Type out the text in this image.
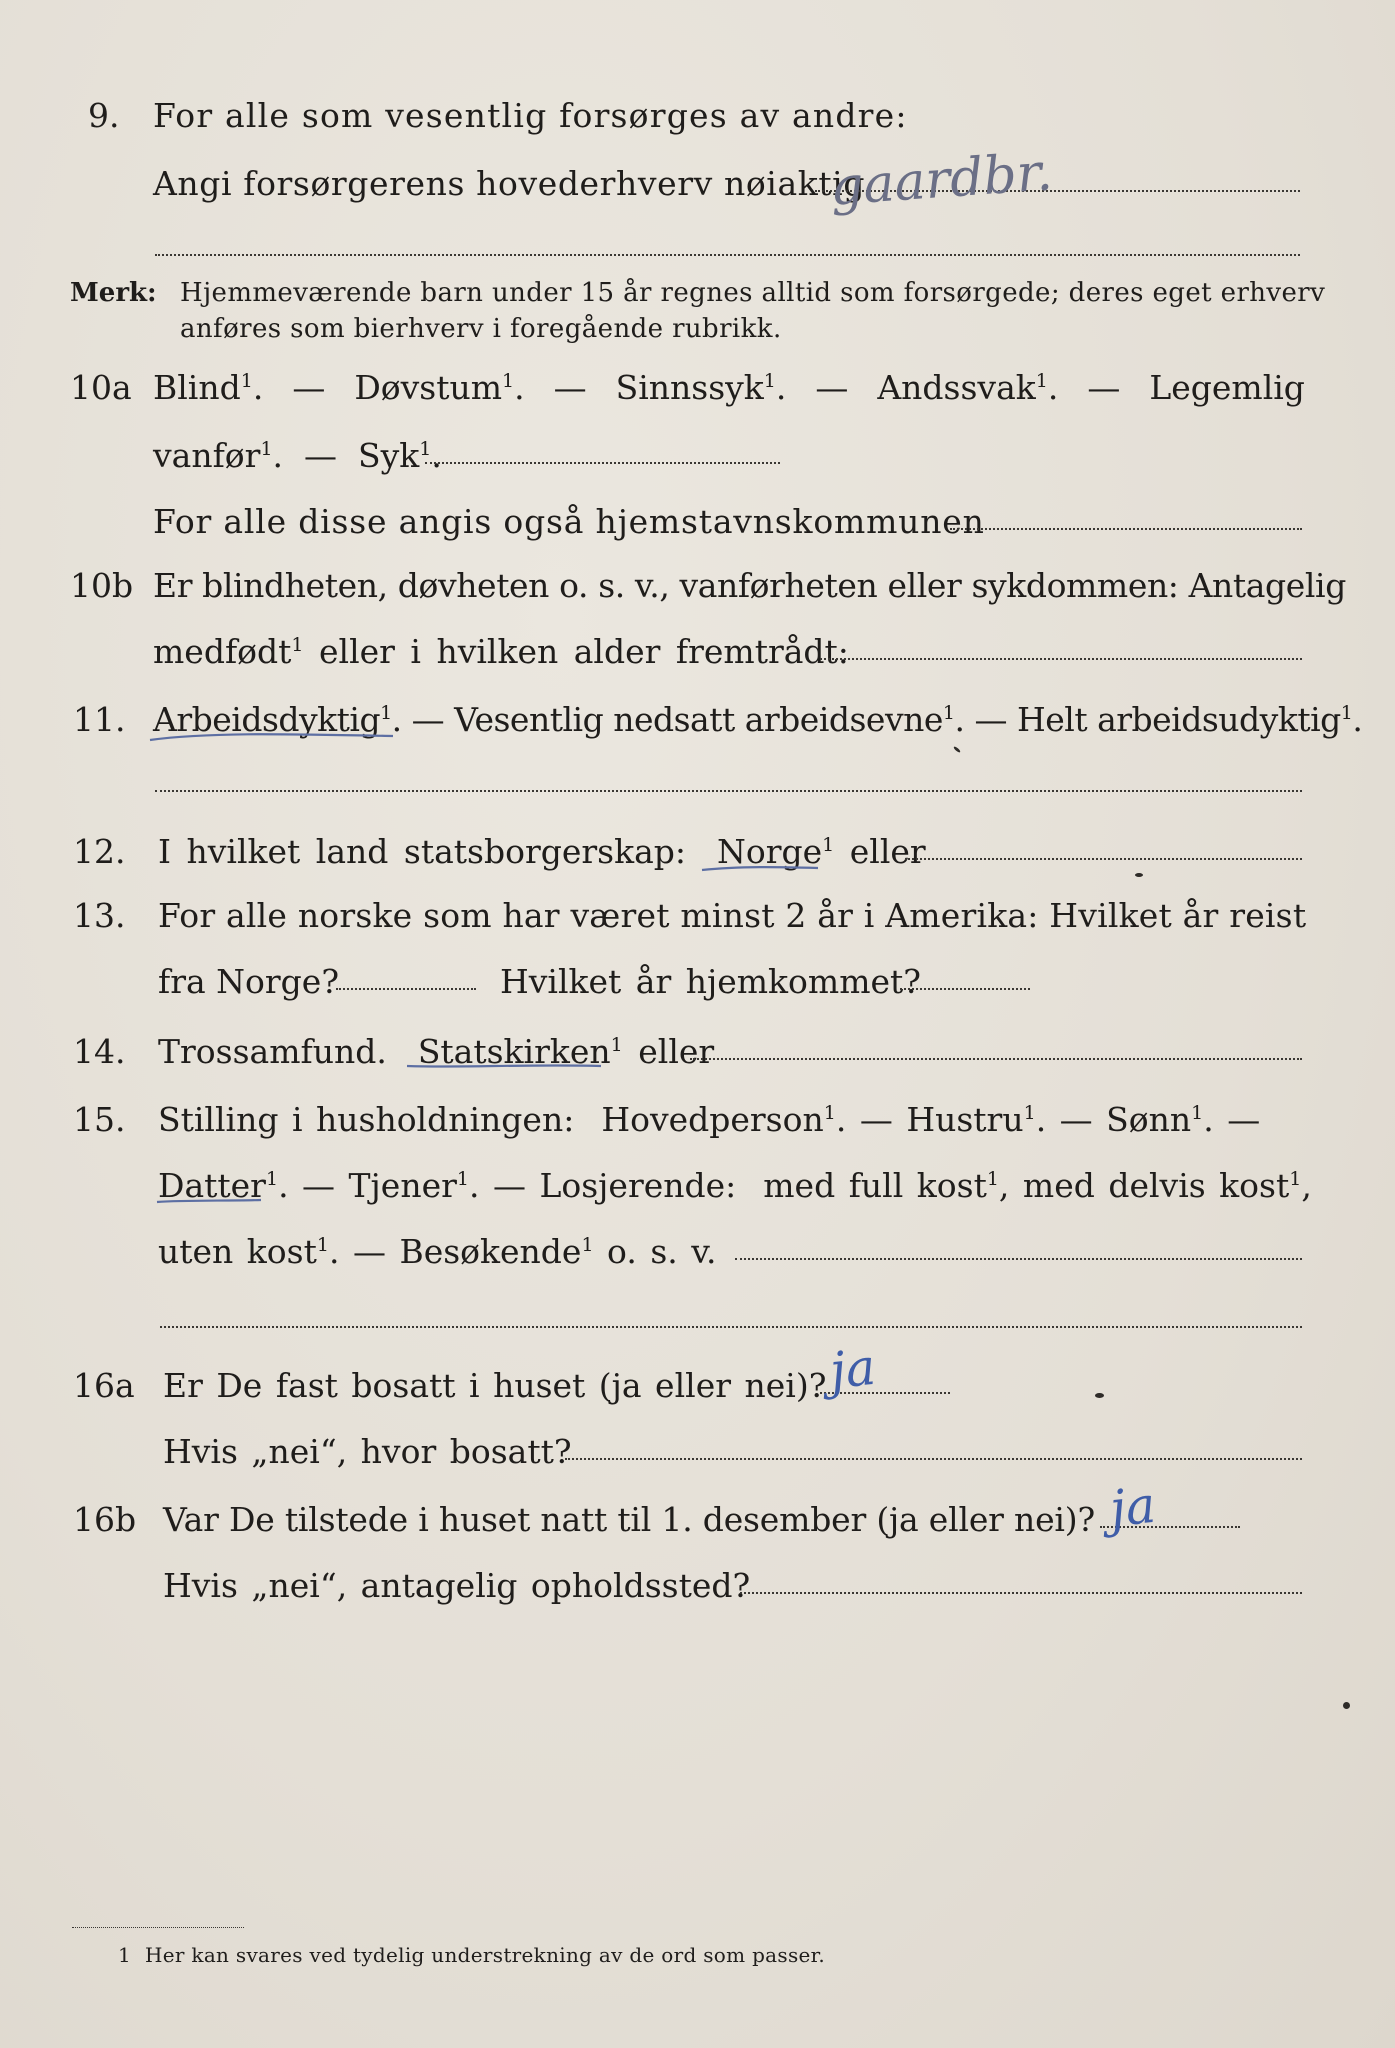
9. For alle som vesentlig forsørges av andre:
Angi forsørgerens hovederhverv nøiaktig
gaardbr.
Merk: Hjemmeværende barn under 15 år regnes alltid som forsørgede; deres eget erhverv
anføres som bierhverv i foregående rubrikk.
10a Blind$^1$.  — Døvstum$^1$.  — Sinnssyk$^1$.  — Andssvak$^1$.  — Legemlig
vanfør$^1$.  — Syk$^1$.
For alle disse angis også hjemstavnskommunen
10b Er blindheten, døvheten o. s. v., vanførheten eller sykdommen: Antagelig
medfødt$^1$ eller i hvilken alder fremtrådt:
11. Arbeidsdyktig$^1$. — Vesentlig nedsatt arbeidsevne$^1$. — Helt arbeidsudyktig$^1$.
12. I hvilket land statsborgerskap: Norge$^1$ eller
13. For alle norske som har været minst 2 år i Amerika: Hvilket år reist
fra Norge?	Hvilket år hjemkommet?
14. Trossamfund. Statskirken$^1$ eller
15. Stilling i husholdningen: Hovedperson$^1$. — Hustru$^1$. — Sønn$^1$. —
Datter$^1$. — Tjener$^1$. — Losjerende: med full kost$^1$, med delvis kost$^1$,
uten kost$^1$. — Besøkende$^1$ o. s. v.
16a Er De fast bosatt i huset (ja eller nei)? ja
Hvis „nei“, hvor bosatt?
16b Var De tilstede i huset natt til 1. desember (ja eller nei)? ja
Hvis „nei“, antagelig opholdssted?
1 Her kan svares ved tydelig understrekning av de ord som passer.
